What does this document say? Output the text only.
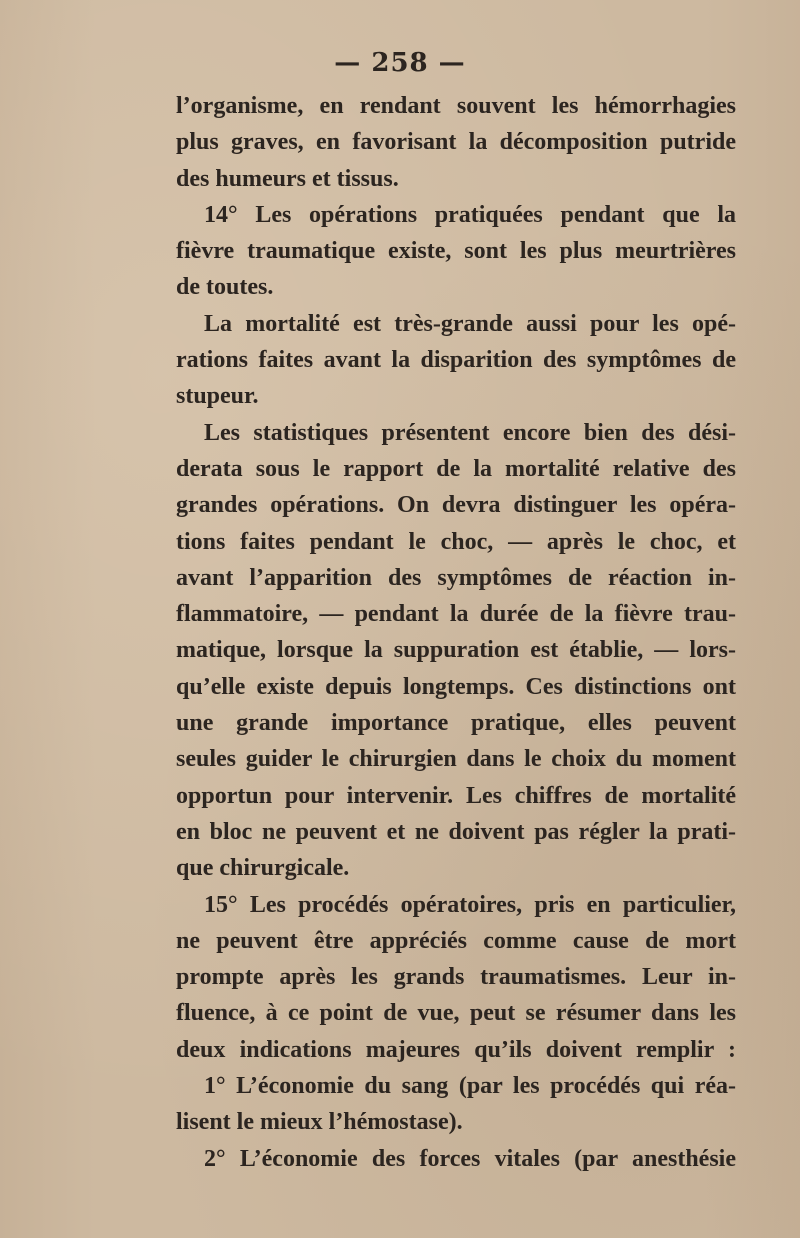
— 258 —
l’organisme, en rendant souvent les hémorrhagies
plus graves, en favorisant la décomposition putride
des humeurs et tissus.
14° Les opérations pratiquées pendant que la
fièvre traumatique existe, sont les plus meurtrières
de toutes.
La mortalité est très-grande aussi pour les opé-
rations faites avant la disparition des symptômes de
stupeur.
Les statistiques présentent encore bien des dési-
derata sous le rapport de la mortalité relative des
grandes opérations. On devra distinguer les opéra-
tions faites pendant le choc, — après le choc, et
avant l’apparition des symptômes de réaction in-
flammatoire, — pendant la durée de la fièvre trau-
matique, lorsque la suppuration est établie, — lors-
qu’elle existe depuis longtemps. Ces distinctions ont
une grande importance pratique, elles peuvent
seules guider le chirurgien dans le choix du moment
opportun pour intervenir. Les chiffres de mortalité
en bloc ne peuvent et ne doivent pas régler la prati-
que chirurgicale.
15° Les procédés opératoires, pris en particulier,
ne peuvent être appréciés comme cause de mort
prompte après les grands traumatismes. Leur in-
fluence, à ce point de vue, peut se résumer dans les
deux indications majeures qu’ils doivent remplir :
1° L’économie du sang (par les procédés qui réa-
lisent le mieux l’hémostase).
2° L’économie des forces vitales (par anesthésie
